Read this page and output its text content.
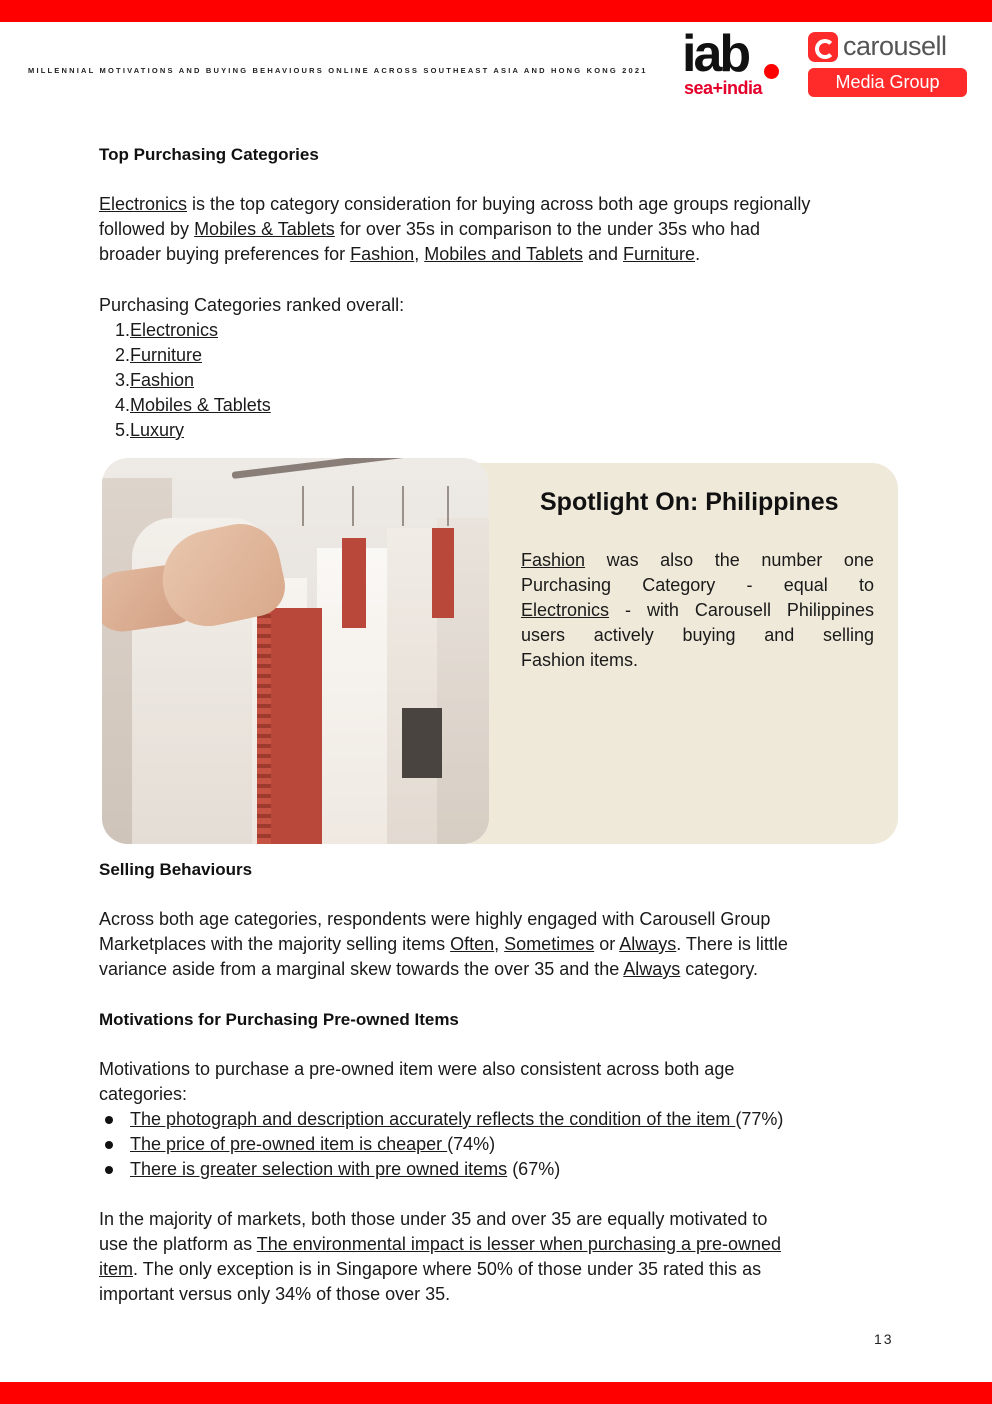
MILLENNIAL MOTIVATIONS AND BUYING BEHAVIOURS ONLINE ACROSS SOUTHEAST ASIA AND HONG KONG 2021 iab
sea+india
carousell
Media Group
Top Purchasing Categories
Electronics is the top category consideration for buying across both age groups regionally
followed by Mobiles & Tablets for over 35s in comparison to the under 35s who had
broader buying preferences for Fashion, Mobiles and Tablets and Furniture.
Purchasing Categories ranked overall:
1.Electronics
2.Furniture
3.Fashion
4.Mobiles & Tablets
5.Luxury
Spotlight On: Philippines
Fashion was also the number one
Purchasing Category - equal to
Electronics - with Carousell Philippines
users actively buying and selling
Fashion items.
Selling Behaviours
Across both age categories, respondents were highly engaged with Carousell Group
Marketplaces with the majority selling items Often, Sometimes or Always. There is little
variance aside from a marginal skew towards the over 35 and the Always category.
Motivations for Purchasing Pre-owned Items
Motivations to purchase a pre-owned item were also consistent across both age
categories:
The photograph and description accurately reflects the condition of the item (77%)
The price of pre-owned item is cheaper (74%)
There is greater selection with pre owned items (67%)
In the majority of markets, both those under 35 and over 35 are equally motivated to
use the platform as The environmental impact is lesser when purchasing a pre-owned
item. The only exception is in Singapore where 50% of those under 35 rated this as
important versus only 34% of those over 35.
13
